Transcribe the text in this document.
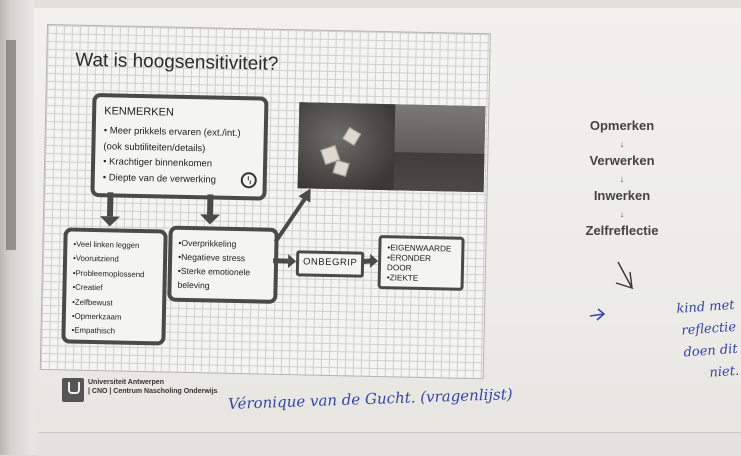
Wat is hoogsensitiviteit?
KENMERKEN
• Meer prikkels ervaren (ext./int.)
(ook subtiliteiten/details)
• Krachtiger binnenkomen
• Diepte van de verwerking
• Veel linken leggen
• Vooruitziend
• Probleemoplossend
• Creatief
• Zelfbewust
• Opmerkzaam
• Empathisch
• Overprikkeling
• Negatieve stress
• Sterke emotionele
beleving
ONBEGRIP
• EIGENWAARDE
• ERONDER
DOOR
• ZIEKTE
Universiteit Antwerpen
| CNO | Centrum Nascholing Onderwijs
Opmerken
↓
Verwerken
↓
Inwerken
↓
Zelfreflectie
Véronique van de Gucht. (vragenlijst)
kind met
reflectie
doen dit
niet.
